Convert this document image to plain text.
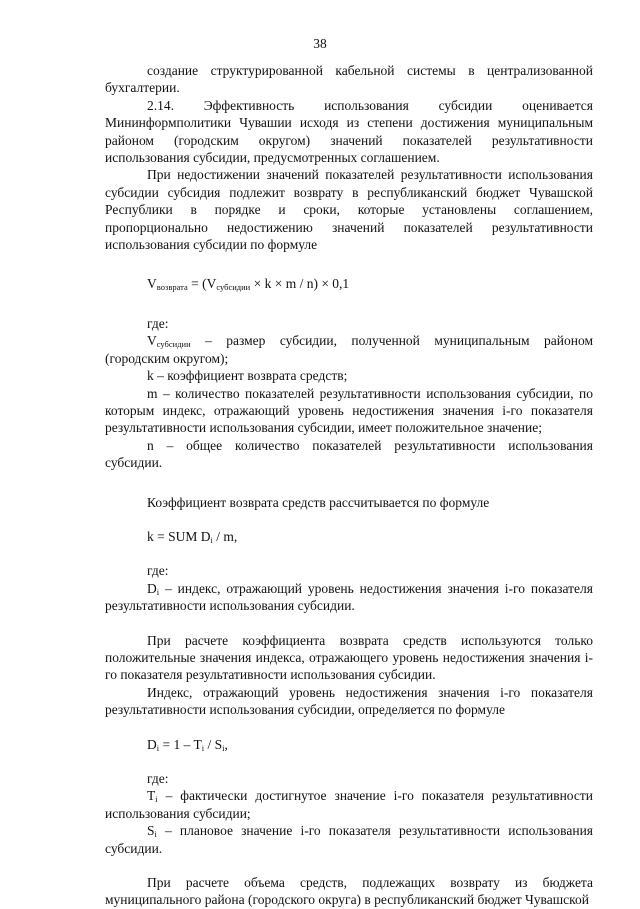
38

создание структурированной кабельной системы в централизованной бухгалтерии.

2.14. Эффективность использования субсидии оценивается Мининформполитики Чувашии исходя из степени достижения муниципальным районом (городским округом) значений показателей результативности использования субсидии, предусмотренных соглашением.

При недостижении значений показателей результативности использования субсидии субсидия подлежит возврату в республиканский бюджет Чувашской Республики в порядке и сроки, которые установлены соглашением, пропорционально недостижению значений показателей результативности использования субсидии по формуле

$V_{возврата} = (V_{субсидии} \times k \times m / n) \times 0,1$

где:

$V_{субсидии}$ – размер субсидии, полученной муниципальным районом (городским округом);

k – коэффициент возврата средств;

m – количество показателей результативности использования субсидии, по которым индекс, отражающий уровень недостижения значения i-го показателя результативности использования субсидии, имеет положительное значение;

n – общее количество показателей результативности использования субсидии.

Коэффициент возврата средств рассчитывается по формуле

k = SUM $D_i$ / m,

где:

$D_i$ – индекс, отражающий уровень недостижения значения i-го показателя результативности использования субсидии.

При расчете коэффициента возврата средств используются только положительные значения индекса, отражающего уровень недостижения значения i-го показателя результативности использования субсидии.

Индекс, отражающий уровень недостижения значения i-го показателя результативности использования субсидии, определяется по формуле

$D_i = 1 - T_i / S_i$,

где:

$T_i$ – фактически достигнутое значение i-го показателя результативности использования субсидии;

$S_i$ – плановое значение i-го показателя результативности использования субсидии.

При расчете объема средств, подлежащих возврату из бюджета муниципального района (городского округа) в республиканский бюджет Чувашской
